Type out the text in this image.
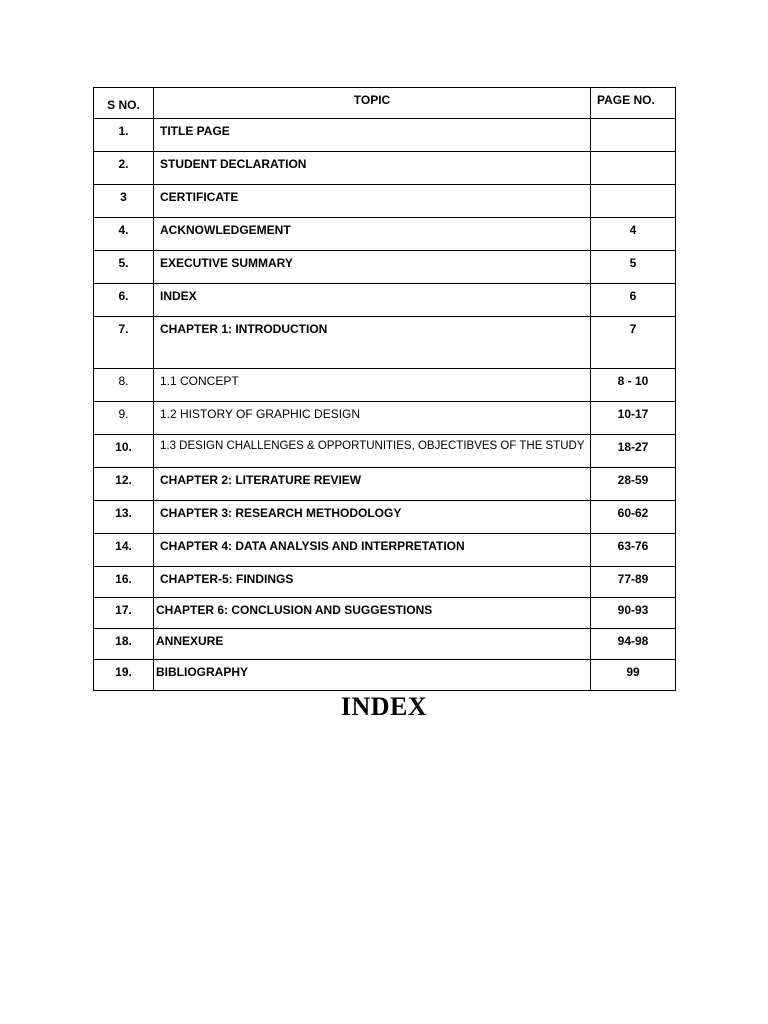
S NO.	TOPIC	PAGE NO.
1.	TITLE PAGE	
2.	STUDENT DECLARATION	
3	CERTIFICATE	
4.	ACKNOWLEDGEMENT	4
5.	EXECUTIVE SUMMARY	5
6.	INDEX	6
7.	CHAPTER 1: INTRODUCTION	7
8.	1.1 CONCEPT	8 - 10
9.	1.2 HISTORY OF GRAPHIC DESIGN	10-17
10.	1.3 DESIGN CHALLENGES & OPPORTUNITIES, OBJECTIBVES OF THE STUDY	18-27
12.	CHAPTER 2: LITERATURE REVIEW	28-59
13.	CHAPTER 3: RESEARCH METHODOLOGY	60-62
14.	CHAPTER 4: DATA ANALYSIS AND INTERPRETATION	63-76
16.	CHAPTER-5: FINDINGS	77-89
17.	CHAPTER 6: CONCLUSION AND SUGGESTIONS	90-93
18.	ANNEXURE	94-98
19.	BIBLIOGRAPHY	99
INDEX
